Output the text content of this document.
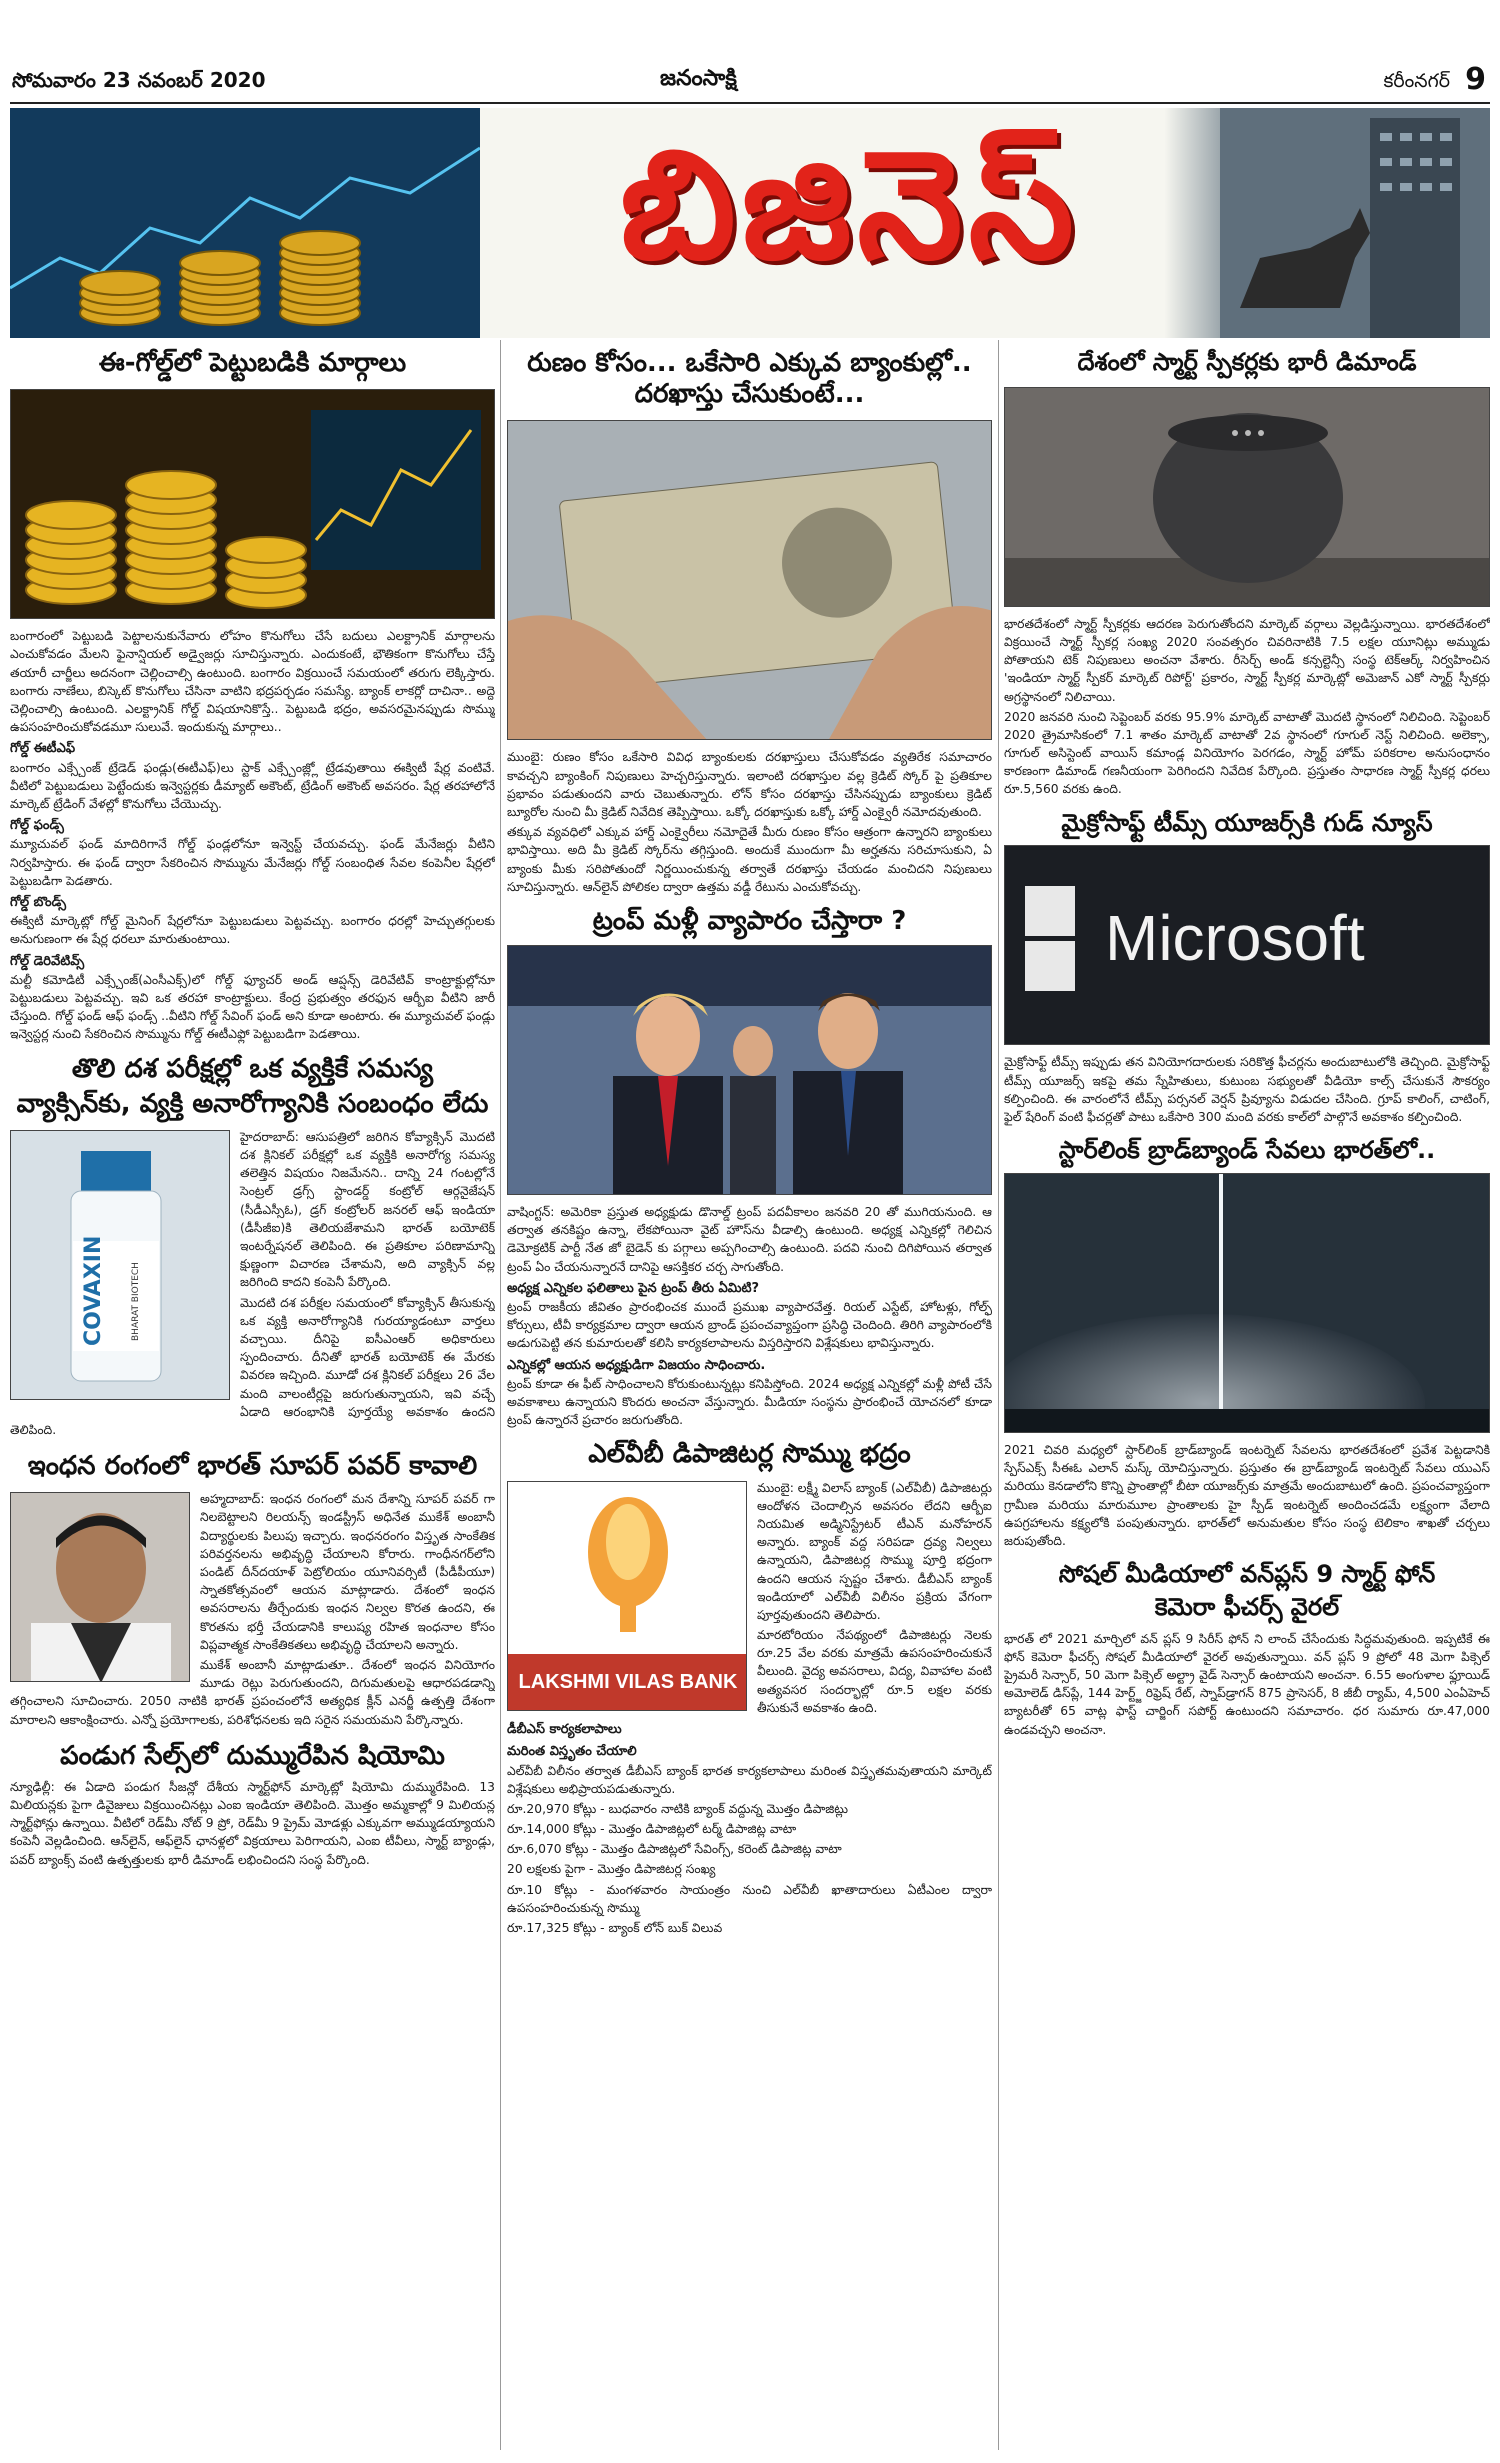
సోమవారం 23 నవంబర్ 2020	జనంసాక్షి	కరీంనగర్ 9
బిజినెస్
ఈ-గోల్డ్‌లో పెట్టుబడికి మార్గాలు

బంగారంలో పెట్టుబడి పెట్టాలనుకునేవారు లోహం కొనుగోలు చేసే బదులు ఎలక్ట్రానిక్ మార్గాలను ఎంచుకోవడం మేలని ఫైనాన్షియల్ అడ్వైజర్లు సూచిస్తున్నారు. ఎందుకంటే, భౌతికంగా కొనుగోలు చేస్తే తయారీ చార్జీలు అదనంగా చెల్లించాల్సి ఉంటుంది. బంగారం విక్రయించే సమయంలో తరుగు లెక్కిస్తారు. బంగారు నాణేలు, బిస్కెట్ కొనుగోలు చేసినా వాటిని భద్రపర్చడం సమస్యే. బ్యాంక్ లాకర్లో దాచినా.. అద్దె చెల్లించాల్సి ఉంటుంది. ఎలక్ట్రానిక్ గోల్డ్ విషయానికొస్తే.. పెట్టుబడి భద్రం, అవసరమైనప్పుడు సొమ్ము ఉపసంహరించుకోవడమూ సులువే. ఇందుకున్న మార్గాలు..

గోల్డ్ ఈటీఎఫ్

బంగారం ఎక్స్చేంజ్ ట్రేడెడ్ ఫండ్లు(ఈటీఎఫ్)లు స్టాక్ ఎక్స్చేంజ్ల్లో ట్రేడవుతాయి ఈక్విటీ షేర్ల వంటివే. వీటిలో పెట్టుబడులు పెట్టేందుకు ఇన్వెస్టర్లకు డీమ్యాట్ అకౌంట్, ట్రేడింగ్ అకౌంట్ అవసరం. షేర్ల తరహాలోనే మార్కెట్ ట్రేడింగ్ వేళల్లో కొనుగోలు చేయొచ్చు.

గోల్డ్ ఫండ్స్

మ్యూచువల్ ఫండ్ మాదిరిగానే గోల్డ్ ఫండ్లలోనూ ఇన్వెస్ట్ చేయవచ్చు. ఫండ్ మేనేజర్లు వీటిని నిర్వహిస్తారు. ఈ ఫండ్ ద్వారా సేకరించిన సొమ్మును మేనేజర్లు గోల్డ్ సంబంధిత సేవల కంపెనీల షేర్లలో పెట్టుబడిగా పెడతారు.

గోల్డ్ బొండ్స్

ఈక్విటీ మార్కెట్లో గోల్డ్ మైనింగ్ షేర్లలోనూ పెట్టుబడులు పెట్టవచ్చు. బంగారం ధరల్లో హెచ్చుతగ్గులకు అనుగుణంగా ఈ షేర్ల ధరలూ మారుతుంటాయి.

గోల్డ్ డెరివేటివ్స్

మల్టీ కమోడిటీ ఎక్స్చేంజ్(ఎంసీఎక్స్)లో గోల్డ్ ఫ్యూచర్ అండ్ ఆప్షన్స్ డెరివేటివ్ కాంట్రాక్టుల్లోనూ పెట్టుబడులు పెట్టవచ్చు. ఇవి ఒక తరహా కాంట్రాక్టులు. కేంద్ర ప్రభుత్వం తరఫున ఆర్బీఐ వీటిని జారీ చేస్తుంది. గోల్డ్ ఫండ్ ఆఫ్ ఫండ్స్ ..వీటిని గోల్డ్ సేవింగ్ ఫండ్ అని కూడా అంటారు. ఈ మ్యూచువల్ ఫండ్లు ఇన్వెస్టర్ల నుంచి సేకరించిన సొమ్మును గోల్డ్ ఈటీఎఫ్లో పెట్టుబడిగా పెడతాయి.

తొలి దశ పరీక్షల్లో ఒక వ్యక్తికే సమస్య
వ్యాక్సిన్‌కు, వ్యక్తి అనారోగ్యానికి సంబంధం లేదు
COVAXIN	BHARAT BIOTECH

హైదరాబాద్: ఆసుపత్రిలో జరిగిన కోవ్యాక్సిన్ మొదటి దశ క్లినికల్ పరీక్షల్లో ఒక వ్యక్తికి అనారోగ్య సమస్య తలెత్తిన విషయం నిజమేనని.. దాన్ని 24 గంటల్లోనే సెంట్రల్ డ్రగ్స్ స్టాండర్డ్ కంట్రోల్ ఆర్గనైజేషన్ (సీడీఎస్సీఓ), డ్రగ్ కంట్రోలర్ జనరల్ ఆఫ్ ఇండియా (డీసీజీఐ)కి తెలియజేశామని భారత్ బయోటెక్ ఇంటర్నేషనల్ తెలిపింది. ఈ ప్రతికూల పరిణామాన్ని క్షుణ్ణంగా విచారణ చేశామని, అది వ్యాక్సిన్ వల్ల జరిగింది కాదని కంపెనీ పేర్కొంది.

మొదటి దశ పరీక్షల సమయంలో కోవ్యాక్సిన్ తీసుకున్న ఒక వ్యక్తి అనారోగ్యానికి గురయ్యాడంటూ వార్తలు వచ్చాయి. దీనిపై ఐసీఎంఆర్ అధికారులు స్పందించారు. దీనితో భారత్ బయోటెక్ ఈ మేరకు వివరణ ఇచ్చింది. మూడో దశ క్లినికల్ పరీక్షలు 26 వేల మంది వాలంటీర్లపై జరుగుతున్నాయని, ఇవి వచ్చే ఏడాది ఆరంభానికి పూర్తయ్యే అవకాశం ఉందని తెలిపింది.

ఇంధన రంగంలో భారత్ సూపర్ పవర్ కావాలి

అహ్మదాబాద్: ఇంధన రంగంలో మన దేశాన్ని సూపర్ పవర్ గా నిలబెట్టాలని రిలయన్స్ ఇండస్ట్రీస్ అధినేత ముకేశ్ అంబానీ విద్యార్థులకు పిలుపు ఇచ్చారు. ఇంధనరంగం విస్తృత సాంకేతిక పరివర్తనలను అభివృద్ధి చేయాలని కోరారు. గాంధీనగర్‌లోని పండిట్ దీన్‌దయాళ్ పెట్రోలియం యూనివర్సిటీ (పీడీపీయూ) స్నాతకోత్సవంలో ఆయన మాట్లాడారు. దేశంలో ఇంధన అవసరాలను తీర్చేందుకు ఇంధన నిల్వల కొరత ఉందని, ఈ కొరతను భర్తీ చేయడానికి కాలుష్య రహిత ఇంధనాల కోసం విప్లవాత్మక సాంకేతికతలు అభివృద్ధి చేయాలని అన్నారు.

ముకేశ్ అంబానీ మాట్లాడుతూ.. దేశంలో ఇంధన వినియోగం మూడు రెట్లు పెరుగుతుందని, దిగుమతులపై ఆధారపడడాన్ని తగ్గించాలని సూచించారు. 2050 నాటికి భారత్ ప్రపంచంలోనే అత్యధిక క్లీన్ ఎనర్జీ ఉత్పత్తి దేశంగా మారాలని ఆకాంక్షించారు. ఎన్నో ప్రయోగాలకు, పరిశోధనలకు ఇది సరైన సమయమని పేర్కొన్నారు.

పండుగ సేల్స్‌లో దుమ్మురేపిన షియోమి

న్యూఢిల్లీ: ఈ ఏడాది పండుగ సీజన్లో దేశీయ స్మార్ట్‌ఫోన్ మార్కెట్లో షియోమి దుమ్మురేపింది. 13 మిలియన్లకు పైగా డివైజులు విక్రయించినట్లు ఎంఐ ఇండియా తెలిపింది. మొత్తం అమ్మకాల్లో 9 మిలియన్ల స్మార్ట్‌ఫోన్లు ఉన్నాయి. వీటిలో రెడ్‌మీ నోట్ 9 ప్రో, రెడ్‌మీ 9 ప్రైమ్ మోడళ్లు ఎక్కువగా అమ్ముడయ్యాయని కంపెనీ వెల్లడించింది. ఆన్‌లైన్, ఆఫ్‌లైన్ ఛానళ్లలో విక్రయాలు పెరిగాయని, ఎంఐ టీవీలు, స్మార్ట్ బ్యాండ్లు, పవర్ బ్యాంక్స్ వంటి ఉత్పత్తులకు భారీ డిమాండ్ లభించిందని సంస్థ పేర్కొంది.

రుణం కోసం... ఒకేసారి ఎక్కువ బ్యాంకుల్లో.. దరఖాస్తు చేసుకుంటే...

ముంబై: రుణం కోసం ఒకేసారి వివిధ బ్యాంకులకు దరఖాస్తులు చేసుకోవడం వ్యతిరేక సమాచారం కావచ్చని బ్యాంకింగ్ నిపుణులు హెచ్చరిస్తున్నారు. ఇలాంటి దరఖాస్తుల వల్ల క్రెడిట్ స్కోర్ పై ప్రతికూల ప్రభావం పడుతుందని వారు చెబుతున్నారు. లోన్ కోసం దరఖాస్తు చేసినప్పుడు బ్యాంకులు క్రెడిట్ బ్యూరోల నుంచి మీ క్రెడిట్ నివేదిక తెప్పిస్తాయి. ఒక్కో దరఖాస్తుకు ఒక్కో హార్డ్ ఎంక్వైరీ నమోదవుతుంది.

తక్కువ వ్యవధిలో ఎక్కువ హార్డ్ ఎంక్వైరీలు నమోదైతే మీరు రుణం కోసం ఆత్రంగా ఉన్నారని బ్యాంకులు భావిస్తాయి. అది మీ క్రెడిట్ స్కోర్‌ను తగ్గిస్తుంది. అందుకే ముందుగా మీ అర్హతను సరిచూసుకుని, ఏ బ్యాంకు మీకు సరిపోతుందో నిర్ణయించుకున్న తర్వాతే దరఖాస్తు చేయడం మంచిదని నిపుణులు సూచిస్తున్నారు. ఆన్‌లైన్ పోలికల ద్వారా ఉత్తమ వడ్డీ రేటును ఎంచుకోవచ్చు.

ట్రంప్ మళ్లీ వ్యాపారం చేస్తారా ?

వాషింగ్టన్: అమెరికా ప్రస్తుత అధ్యక్షుడు డొనాల్డ్ ట్రంప్ పదవీకాలం జనవరి 20 తో ముగియనుంది. ఆ తర్వాత తనకిష్టం ఉన్నా, లేకపోయినా వైట్ హౌస్‌ను వీడాల్సి ఉంటుంది. అధ్యక్ష ఎన్నికల్లో గెలిచిన డెమోక్రటిక్ పార్టీ నేత జో బైడెన్ కు పగ్గాలు అప్పగించాల్సి ఉంటుంది. పదవి నుంచి దిగిపోయిన తర్వాత ట్రంప్ ఏం చేయనున్నారనే దానిపై ఆసక్తికర చర్చ సాగుతోంది.

అధ్యక్ష ఎన్నికల ఫలితాలు పైన ట్రంప్ తీరు ఏమిటి?

ట్రంప్ రాజకీయ జీవితం ప్రారంభించక ముందే ప్రముఖ వ్యాపారవేత్త. రియల్ ఎస్టేట్, హోటళ్లు, గోల్ఫ్ కోర్సులు, టీవీ కార్యక్రమాల ద్వారా ఆయన బ్రాండ్ ప్రపంచవ్యాప్తంగా ప్రసిద్ధి చెందింది. తిరిగి వ్యాపారంలోకి అడుగుపెట్టి తన కుమారులతో కలిసి కార్యకలాపాలను విస్తరిస్తారని విశ్లేషకులు భావిస్తున్నారు.

ఎన్నికల్లో ఆయన అధ్యక్షుడిగా విజయం సాధించారు.

ట్రంప్ కూడా ఈ ఫీట్ సాధించాలని కోరుకుంటున్నట్లు కనిపిస్తోంది. 2024 అధ్యక్ష ఎన్నికల్లో మళ్లీ పోటీ చేసే అవకాశాలు ఉన్నాయని కొందరు అంచనా వేస్తున్నారు. మీడియా సంస్థను ప్రారంభించే యోచనలో కూడా ట్రంప్ ఉన్నారనే ప్రచారం జరుగుతోంది.

ఎల్‌వీబీ డిపాజిటర్ల సొమ్ము భద్రం
LAKSHMI VILAS BANK

ముంబై: లక్ష్మీ విలాస్ బ్యాంక్ (ఎల్‌వీబీ) డిపాజిటర్లు ఆందోళన చెందాల్సిన అవసరం లేదని ఆర్బీఐ నియమిత అడ్మినిస్ట్రేటర్ టీఎన్ మనోహరన్ అన్నారు. బ్యాంక్ వద్ద సరిపడా ద్రవ్య నిల్వలు ఉన్నాయని, డిపాజిటర్ల సొమ్ము పూర్తి భద్రంగా ఉందని ఆయన స్పష్టం చేశారు. డీబీఎస్ బ్యాంక్ ఇండియాలో ఎల్‌వీబీ విలీనం ప్రక్రియ వేగంగా పూర్తవుతుందని తెలిపారు.

మారటోరియం నేపథ్యంలో డిపాజిటర్లు నెలకు రూ.25 వేల వరకు మాత్రమే ఉపసంహరించుకునే వీలుంది. వైద్య అవసరాలు, విద్య, వివాహాల వంటి అత్యవసర సందర్భాల్లో రూ.5 లక్షల వరకు తీసుకునే అవకాశం ఉంది.

డీబీఎస్ కార్యకలాపాలు
మరింత విస్తృతం చేయాలి

ఎల్‌వీబీ విలీనం తర్వాత డీబీఎస్ బ్యాంక్ భారత కార్యకలాపాలు మరింత విస్తృతమవుతాయని మార్కెట్ విశ్లేషకులు అభిప్రాయపడుతున్నారు.

రూ.20,970 కోట్లు - బుధవారం నాటికి బ్యాంక్ వద్దున్న మొత్తం డిపాజిట్లు

రూ.14,000 కోట్లు - మొత్తం డిపాజిట్లలో టర్మ్ డిపాజిట్ల వాటా

రూ.6,070 కోట్లు - మొత్తం డిపాజిట్లలో సేవింగ్స్, కరెంట్ డిపాజిట్ల వాటా

20 లక్షలకు పైగా - మొత్తం డిపాజిటర్ల సంఖ్య

రూ.10 కోట్లు - మంగళవారం సాయంత్రం నుంచి ఎల్‌వీబీ ఖాతాదారులు ఏటీఎంల ద్వారా ఉపసంహరించుకున్న సొమ్ము

రూ.17,325 కోట్లు - బ్యాంక్ లోన్ బుక్ విలువ

దేశంలో స్మార్ట్ స్పీకర్లకు భారీ డిమాండ్

భారతదేశంలో స్మార్ట్ స్పీకర్లకు ఆదరణ పెరుగుతోందని మార్కెట్ వర్గాలు వెల్లడిస్తున్నాయి. భారతదేశంలో విక్రయించే స్మార్ట్ స్పీకర్ల సంఖ్య 2020 సంవత్సరం చివరినాటికి 7.5 లక్షల యూనిట్లు అమ్ముడు పోతాయని టెక్ నిపుణులు అంచనా వేశారు. రీసెర్చ్ అండ్ కన్సల్టెన్సీ సంస్థ టెక్ఆర్క్ నిర్వహించిన 'ఇండియా స్మార్ట్ స్పీకర్ మార్కెట్ రిపోర్ట్' ప్రకారం, స్మార్ట్ స్పీకర్ల మార్కెట్లో అమెజాన్ ఎకో స్మార్ట్ స్పీకర్లు అగ్రస్థానంలో నిలిచాయి.

2020 జనవరి నుంచి సెప్టెంబర్ వరకు 95.9% మార్కెట్ వాటాతో మొదటి స్థానంలో నిలిచింది. సెప్టెంబర్ 2020 త్రైమాసికంలో 7.1 శాతం మార్కెట్ వాటాతో 2వ స్థానంలో గూగుల్ నెస్ట్ నిలిచింది. అలెక్సా, గూగుల్ అసిస్టెంట్ వాయిస్ కమాండ్ల వినియోగం పెరగడం, స్మార్ట్ హోమ్ పరికరాల అనుసంధానం కారణంగా డిమాండ్ గణనీయంగా పెరిగిందని నివేదిక పేర్కొంది. ప్రస్తుతం సాధారణ స్మార్ట్ స్పీకర్ల ధరలు రూ.5,560 వరకు ఉంది.

మైక్రోసాఫ్ట్ టీమ్స్ యూజర్స్‌కి గుడ్ న్యూస్
Microsoft

మైక్రోసాఫ్ట్ టీమ్స్ ఇప్పుడు తన వినియోగదారులకు సరికొత్త ఫీచర్లను అందుబాటులోకి తెచ్చింది. మైక్రోసాఫ్ట్ టీమ్స్ యూజర్స్ ఇకపై తమ స్నేహితులు, కుటుంబ సభ్యులతో వీడియో కాల్స్ చేసుకునే సౌకర్యం కల్పించింది. ఈ వారంలోనే టీమ్స్ పర్సనల్ వెర్షన్ ప్రివ్యూను విడుదల చేసింది. గ్రూప్ కాలింగ్, చాటింగ్, ఫైల్ షేరింగ్ వంటి ఫీచర్లతో పాటు ఒకేసారి 300 మంది వరకు కాల్‌లో పాల్గొనే అవకాశం కల్పించింది.

స్టార్‌లింక్ బ్రాడ్‌బ్యాండ్ సేవలు భారత్‌లో..

2021 చివరి మధ్యలో స్టార్‌లింక్ బ్రాడ్‌బ్యాండ్ ఇంటర్నెట్ సేవలను భారతదేశంలో ప్రవేశ పెట్టడానికి స్పేస్ఎక్స్ సీఈఓ ఎలాన్ మస్క్ యోచిస్తున్నారు. ప్రస్తుతం ఈ బ్రాడ్‌బ్యాండ్ ఇంటర్నెట్ సేవలు యుఎస్ మరియు కెనడాలోని కొన్ని ప్రాంతాల్లో బీటా యూజర్స్‌కు మాత్రమే అందుబాటులో ఉంది. ప్రపంచవ్యాప్తంగా గ్రామీణ మరియు మారుమూల ప్రాంతాలకు హై స్పీడ్ ఇంటర్నెట్ అందించడమే లక్ష్యంగా వేలాది ఉపగ్రహాలను కక్ష్యలోకి పంపుతున్నారు. భారత్‌లో అనుమతుల కోసం సంస్థ టెలికాం శాఖతో చర్చలు జరుపుతోంది.

సోషల్ మీడియాలో వన్‌ప్లస్ 9 స్మార్ట్ ఫోన్
కెమెరా ఫీచర్స్ వైరల్

భారత్ లో 2021 మార్చిలో వన్ ప్లస్ 9 సిరీస్ ఫోన్ ని లాంచ్ చేసేందుకు సిద్ధమవుతుంది. ఇప్పటికే ఈ ఫోన్ కెమెరా ఫీచర్స్ సోషల్ మీడియాలో వైరల్ అవుతున్నాయి. వన్ ప్లస్ 9 ప్రోలో 48 మెగా పిక్సెల్ ప్రైమరీ సెన్సార్, 50 మెగా పిక్సెల్ అల్ట్రా వైడ్ సెన్సార్ ఉంటాయని అంచనా. 6.55 అంగుళాల ఫ్లూయిడ్ అమోలెడ్ డిస్‌ప్లే, 144 హెర్ట్జ్ రిఫ్రెష్ రేట్, స్నాప్‌డ్రాగన్ 875 ప్రాసెసర్, 8 జీబీ ర్యామ్, 4,500 ఎంఏహెచ్ బ్యాటరీతో 65 వాట్ల ఫాస్ట్ చార్జింగ్ సపోర్ట్ ఉంటుందని సమాచారం. ధర సుమారు రూ.47,000 ఉండవచ్చని అంచనా.
